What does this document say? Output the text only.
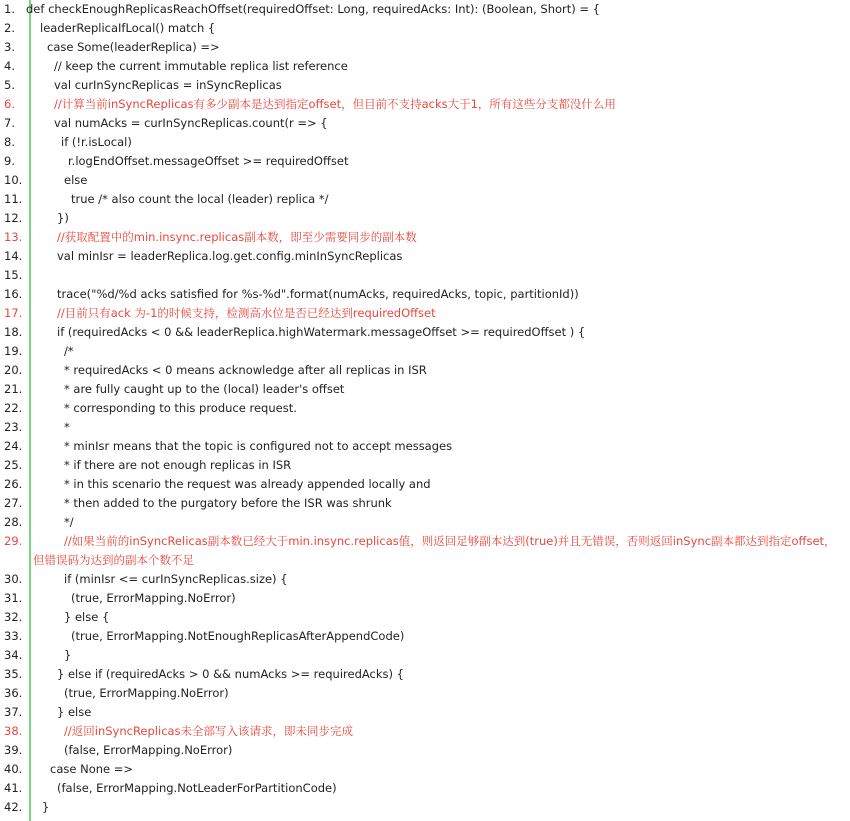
1. def checkEnoughReplicasReachOffset(requiredOffset: Long, requiredAcks: Int): (Boolean, Short) = {
2. leaderReplicaIfLocal() match {
3.	case Some(leaderReplica) =>
4.	// keep the current immutable replica list reference
5.	val curInSyncReplicas = inSyncReplicas
6.	//计算当前inSyncReplicas有多少副本是达到指定offset，但目前不支持acks大于1，所有这些分支都没什么用
7.	val numAcks = curInSyncReplicas.count(r => {
8.	if (!r.isLocal)
9.	r.logEndOffset.messageOffset >= requiredOffset
10.	else
11.	true /* also count the local (leader) replica */
12.	})
13.	//获取配置中的min.insync.replicas副本数，即至少需要同步的副本数
14.	val minIsr = leaderReplica.log.get.config.minInSyncReplicas
15.
16.	trace("%d/%d acks satisfied for %s-%d".format(numAcks, requiredAcks, topic, partitionId))
17.	//目前只有ack 为-1的时候支持，检测高水位是否已经达到requiredOffset
18.	if (requiredAcks < 0 && leaderReplica.highWatermark.messageOffset >= requiredOffset ) {
19.	/*
20.	* requiredAcks < 0 means acknowledge after all replicas in ISR
21.	* are fully caught up to the (local) leader's offset
22.	* corresponding to this produce request.
23.	*
24.	* minIsr means that the topic is configured not to accept messages
25.	* if there are not enough replicas in ISR
26.	* in this scenario the request was already appended locally and
27.	* then added to the purgatory before the ISR was shrunk
28.	*/
29.	//如果当前的inSyncRelicas副本数已经大于min.insync.replicas值，则返回足够副本达到(true)并且无错误，否则返回inSync副本都达到指定offset，
但错误码为达到的副本个数不足
30.	if (minIsr <= curInSyncReplicas.size) {
31.	(true, ErrorMapping.NoError)
32.	} else {
33.	(true, ErrorMapping.NotEnoughReplicasAfterAppendCode)
34.	}
35.	} else if (requiredAcks > 0 && numAcks >= requiredAcks) {
36.	(true, ErrorMapping.NoError)
37.	} else
38.	//返回inSyncReplicas未全部写入该请求，即未同步完成
39.	(false, ErrorMapping.NoError)
40. case None =>
41.	(false, ErrorMapping.NotLeaderForPartitionCode)
42. }
